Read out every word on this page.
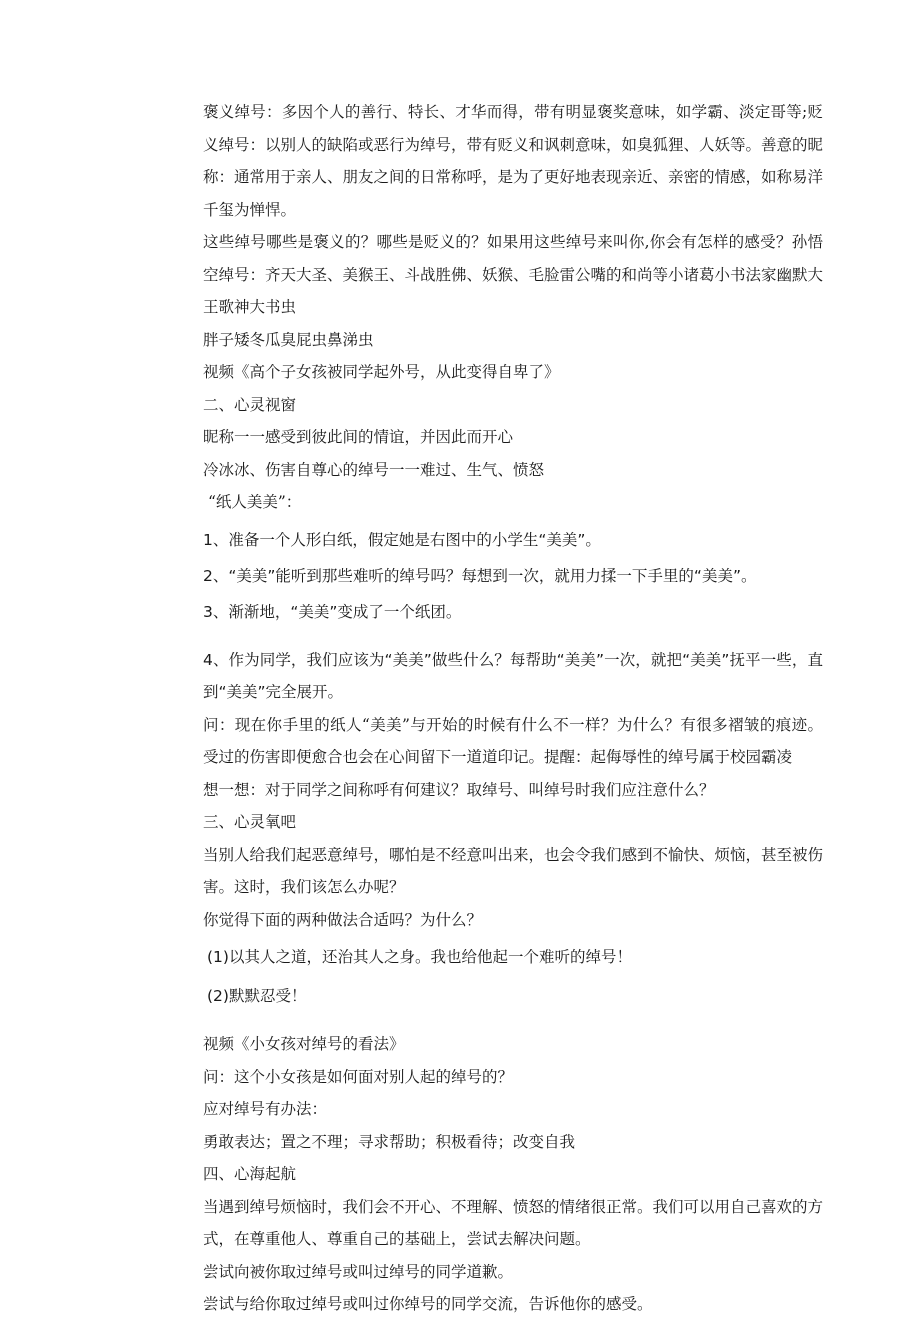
褒义绰号：多因个人的善行、特长、才华而得，带有明显褒奖意味，如学霸、淡定哥等;贬义绰号：以别人的缺陷或恶行为绰号，带有贬义和讽刺意味，如臭狐狸、人妖等。善意的昵称：通常用于亲人、朋友之间的日常称呼，是为了更好地表现亲近、亲密的情感，如称易洋千玺为惮悍。

这些绰号哪些是褒义的？哪些是贬义的？如果用这些绰号来叫你,你会有怎样的感受？孙悟空绰号：齐天大圣、美猴王、斗战胜佛、妖猴、毛脸雷公嘴的和尚等小诸葛小书法家幽默大王歌神大书虫

胖子矮冬瓜臭屁虫鼻涕虫

视频《高个子女孩被同学起外号，从此变得自卑了》

二、心灵视窗

昵称一一感受到彼此间的情谊，并因此而开心

冷冰冰、伤害自尊心的绰号一一难过、生气、愤怒

“纸人美美”：

1、准备一个人形白纸，假定她是右图中的小学生“美美”。

2、“美美”能听到那些难听的绰号吗？每想到一次，就用力揉一下手里的“美美”。

3、渐渐地，“美美”变成了一个纸团。

4、作为同学，我们应该为“美美”做些什么？每帮助“美美”一次，就把“美美”抚平一些，直到“美美”完全展开。

问：现在你手里的纸人“美美”与开始的时候有什么不一样？为什么？有很多褶皱的痕迹。受过的伤害即便愈合也会在心间留下一道道印记。提醒：起侮辱性的绰号属于校园霸凌

想一想：对于同学之间称呼有何建议？取绰号、叫绰号时我们应注意什么？

三、心灵氧吧

当别人给我们起恶意绰号，哪怕是不经意叫出来，也会令我们感到不愉快、烦恼，甚至被伤害。这时，我们该怎么办呢？

你觉得下面的两种做法合适吗？为什么？

(1)以其人之道，还治其人之身。我也给他起一个难听的绰号！

(2)默默忍受！

视频《小女孩对绰号的看法》

问：这个小女孩是如何面对别人起的绰号的？

应对绰号有办法：

勇敢表达；置之不理；寻求帮助；积极看待；改变自我

四、心海起航

当遇到绰号烦恼时，我们会不开心、不理解、愤怒的情绪很正常。我们可以用自己喜欢的方式，在尊重他人、尊重自己的基础上，尝试去解决问题。

尝试向被你取过绰号或叫过绰号的同学道歉。

尝试与给你取过绰号或叫过你绰号的同学交流，告诉他你的感受。
